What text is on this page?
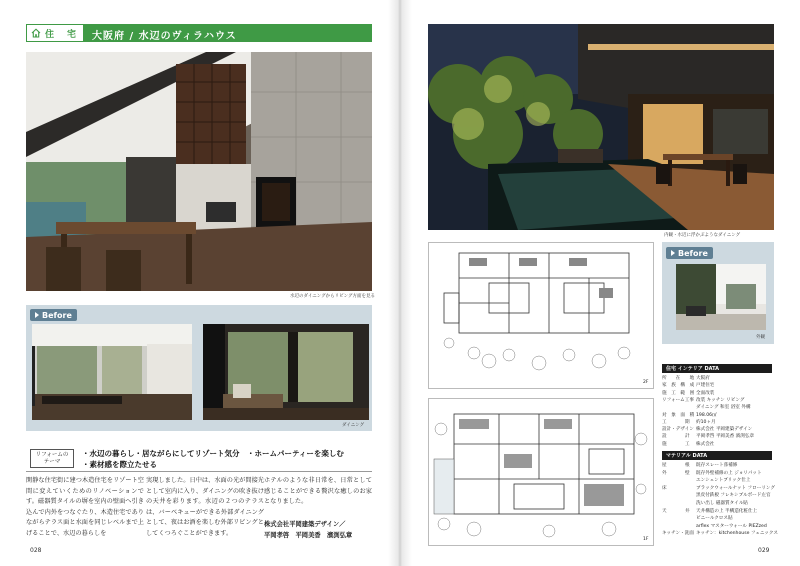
住　宅 大阪府 / 水辺のヴィラハウス
水辺のダイニングからリビング方面を見る
Before
ダイニング
リフォームの
テーマ
・水辺の暮らし・居ながらにしてリゾート気分　・ホームパーティーを楽しむ
・素材感を際立たせる
閑静な住宅街に建つ木造住宅をリゾート空間に変えていくためのリノベーションです。磁器質タイルの塀を室内の壁面へ引き込んで内外をつなぐたり、木造住宅でありながらテラス面と水面を同じレベルまで上げることで、水辺の暮らしを
実現しました。日中は、水面の光が間接光として室内に入り、ダイニングの吹き抜けの天井を彩ります。水辺の２つのテラスは、バーベキューができる外部ダイニングとして、夜はお酒を楽しむ外部リビングとしてくつろぐことができます。
ホテルのような非日常を、日常として感じることができる贅沢な癒しのお家となりました。
株式会社平岡建築デザイン／
平岡孝啓　平岡美香　濱渕弘章
028
内観・水辺に浮かぶようなダイニング
2F
1F
Before
外観
住宅 インテリア DATA
所　　在　　地 大阪府
家　族　構　成 戸建住宅
施　工　範　囲 全面改装
リフォーム工事 改装 キッチン リビング
ダイニング 和室 浴室 外構
対　象　面　積 198.06㎡
工　　　　期 約10ヶ月
設計・デザイン 株式会社 平岡建築デザイン
設　　　　計 平岡孝啓 平岡美香 濱渕弘章
施　　　　工 株式会社
マテリアル DATA
屋　　　　根 既存スレート葺補修
外　　　　壁 既存外壁補修の上 ジョリパット
エンシェントブリック仕上
床	ブラックウォールナット フローリング
黒皮付鉄板 フレキシブルボード左官
洗い出し 磁器質タイル貼
天　　　　井 天井構造の上 半構造化粧仕上
ビニールクロス貼
arflex マスターウォール PIEZzed
キッチン・洗面 キッチン：kitchenhouse フェニックス
029
